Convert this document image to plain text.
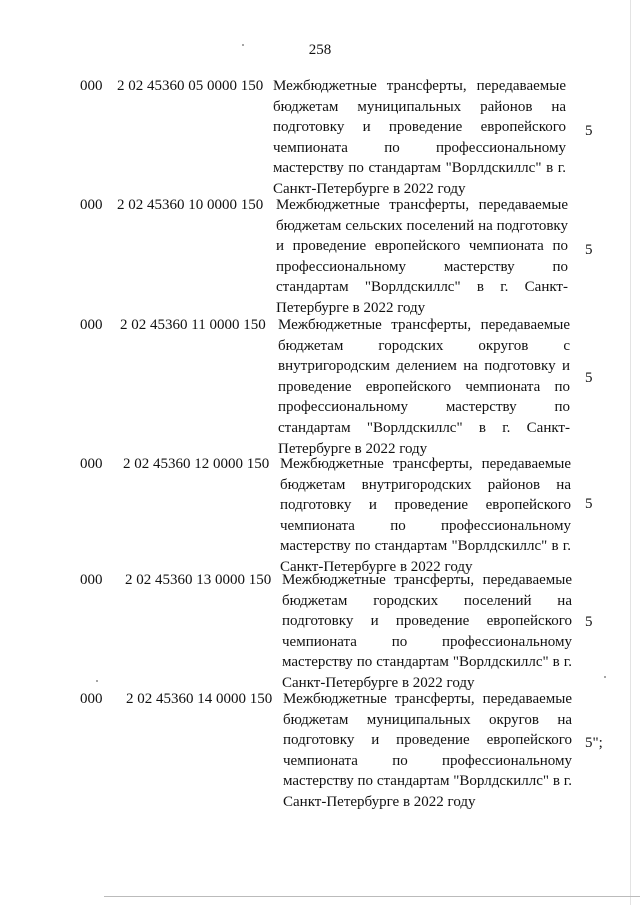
258
000 2 02 45360 05 0000 150 Межбюджетные трансферты, передаваемые бюджетам муниципальных районов на подготовку и проведение европейского чемпионата по профессиональному мастерству по стандартам "Ворлдскиллс" в г. Санкт-Петербурге в 2022 году
5
000 2 02 45360 10 0000 150 Межбюджетные трансферты, передаваемые бюджетам сельских поселений на подготовку и проведение европейского чемпионата по профессиональному мастерству по стандартам "Ворлдскиллс" в г. Санкт-Петербурге в 2022 году
5
000 2 02 45360 11 0000 150 Межбюджетные трансферты, передаваемые бюджетам городских округов с внутригородским делением на подготовку и проведение европейского чемпионата по профессиональному мастерству по стандартам "Ворлдскиллс" в г. Санкт-Петербурге в 2022 году
5
000 2 02 45360 12 0000 150 Межбюджетные трансферты, передаваемые бюджетам внутригородских районов на подготовку и проведение европейского чемпионата по профессиональному мастерству по стандартам "Ворлдскиллс" в г. Санкт-Петербурге в 2022 году
5
000 2 02 45360 13 0000 150 Межбюджетные трансферты, передаваемые бюджетам городских поселений на подготовку и проведение европейского чемпионата по профессиональному мастерству по стандартам "Ворлдскиллс" в г. Санкт-Петербурге в 2022 году
5
000 2 02 45360 14 0000 150 Межбюджетные трансферты, передаваемые бюджетам муниципальных округов на подготовку и проведение европейского чемпионата по профессиональному мастерству по стандартам "Ворлдскиллс" в г. Санкт-Петербурге в 2022 году
5";
